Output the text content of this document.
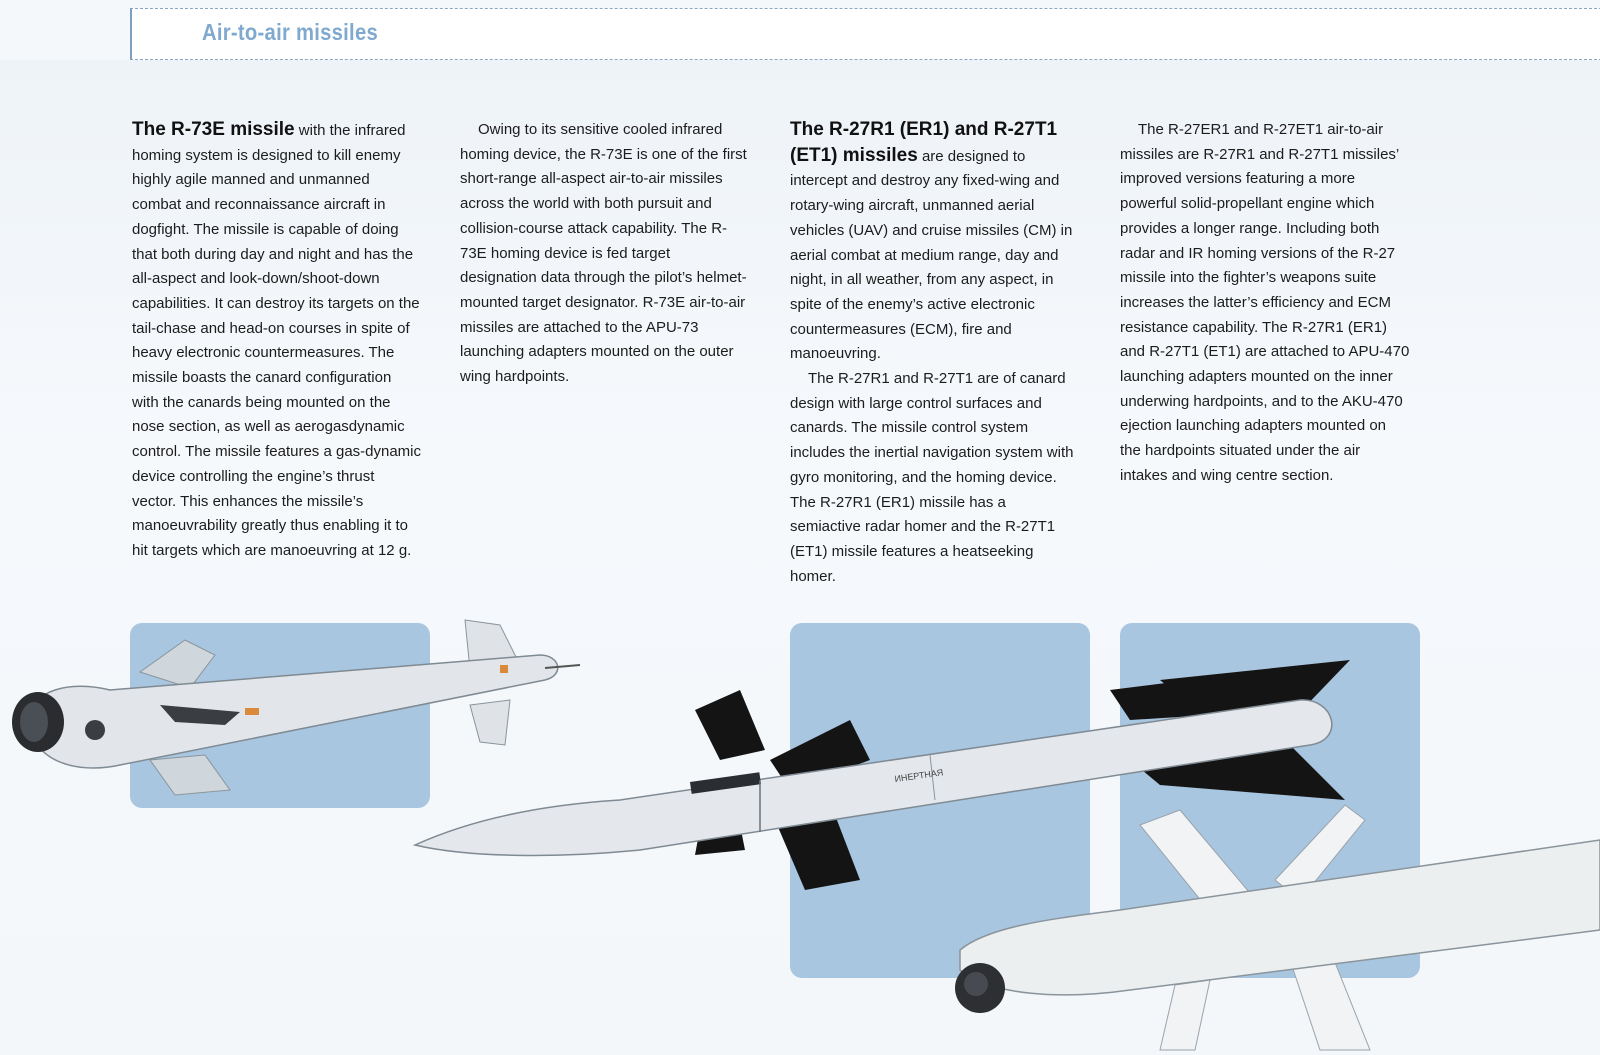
Air-to-air missiles

The R-73E missile with the infrared homing system is designed to kill enemy highly agile manned and unmanned combat and reconnaissance aircraft in dogfight. The missile is capable of doing that both during day and night and has the all-aspect and look-down/shoot-down capabilities. It can destroy its targets on the tail-chase and head-on courses in spite of heavy electronic countermeasures. The missile boasts the canard configuration with the canards being mounted on the nose section, as well as aerogasdynamic control. The missile features a gas-dynamic device controlling the engine’s thrust vector. This enhances the missile’s manoeuvrability greatly thus enabling it to hit targets which are manoeuvring at 12 g.

Owing to its sensitive cooled infrared homing device, the R-73E is one of the first short-range all-aspect air-to-air missiles across the world with both pursuit and collision-course attack capability. The R-73E homing device is fed target designation data through the pilot’s helmet-mounted target designator. R-73E air-to-air missiles are attached to the APU-73 launching adapters mounted on the outer wing hardpoints.

The R-27R1 (ER1) and R-27T1 (ET1) missiles are designed to intercept and destroy any fixed-wing and rotary-wing aircraft, unmanned aerial vehicles (UAV) and cruise missiles (CM) in aerial combat at medium range, day and night, in all weather, from any aspect, in spite of the enemy’s active electronic countermeasures (ECM), fire and manoeuvring.

The R-27R1 and R-27T1 are of canard design with large control surfaces and canards. The missile control system includes the inertial navigation system with gyro monitoring, and the homing device. The R-27R1 (ER1) missile has a semiactive radar homer and the R-27T1 (ET1) missile features a heatseeking homer.

The R-27ER1 and R-27ET1 air-to-air missiles are R-27R1 and R-27T1 missiles’ improved versions featuring a more powerful solid-propellant engine which provides a longer range. Including both radar and IR homing versions of the R-27 missile into the fighter’s weapons suite increases the latter’s efficiency and ECM resistance capability. The R-27R1 (ER1) and R-27T1 (ET1) are attached to APU-470 launching adapters mounted on the inner underwing hardpoints, and to the AKU-470 ejection launching adapters mounted on the hardpoints situated under the air intakes and wing centre section.

ИНЕРТНАЯ
